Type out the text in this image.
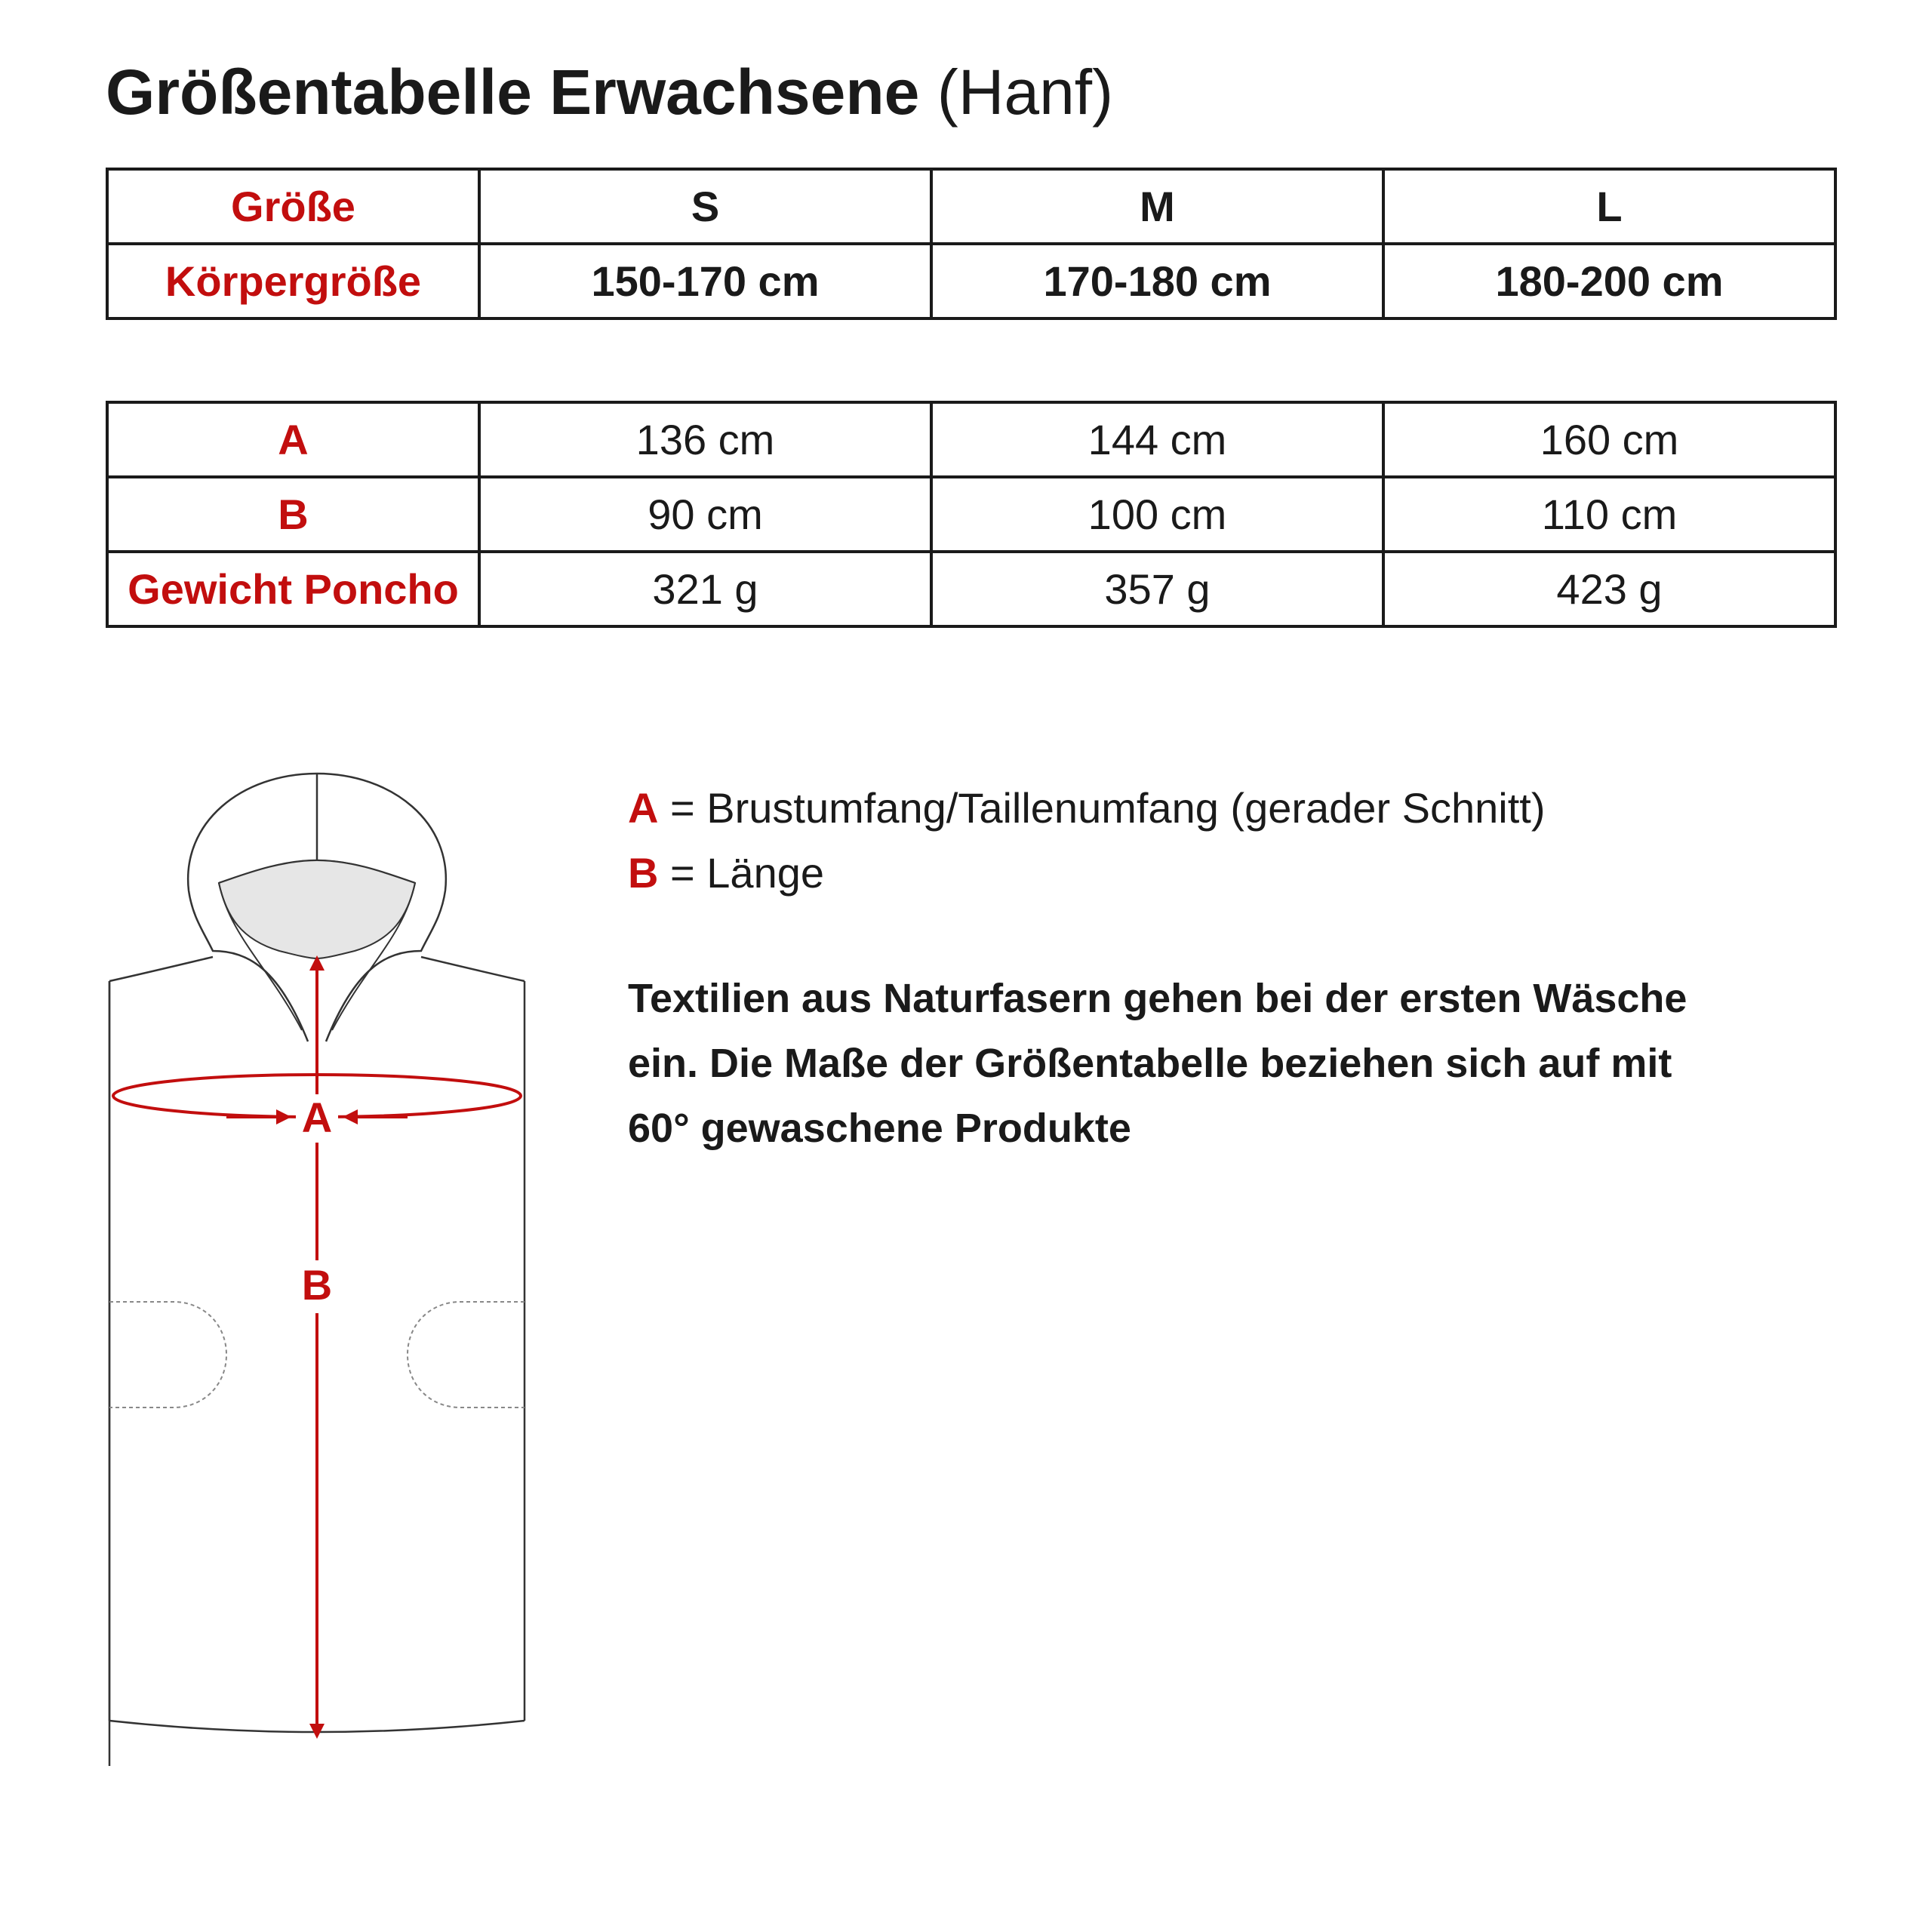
Größentabelle Erwachsene (Hanf)
Größe	S	M	L
Körpergröße	150-170 cm	170-180 cm	180-200 cm
A	136 cm	144 cm	160 cm
B	90 cm	100 cm	110 cm
Gewicht Poncho	321 g	357 g	423 g
A
B
A = Brustumfang/Taillenumfang (gerader Schnitt)
B = Länge
Textilien aus Naturfasern gehen bei der ersten Wäsche
ein. Die Maße der Größentabelle beziehen sich auf mit
60° gewaschene Produkte
